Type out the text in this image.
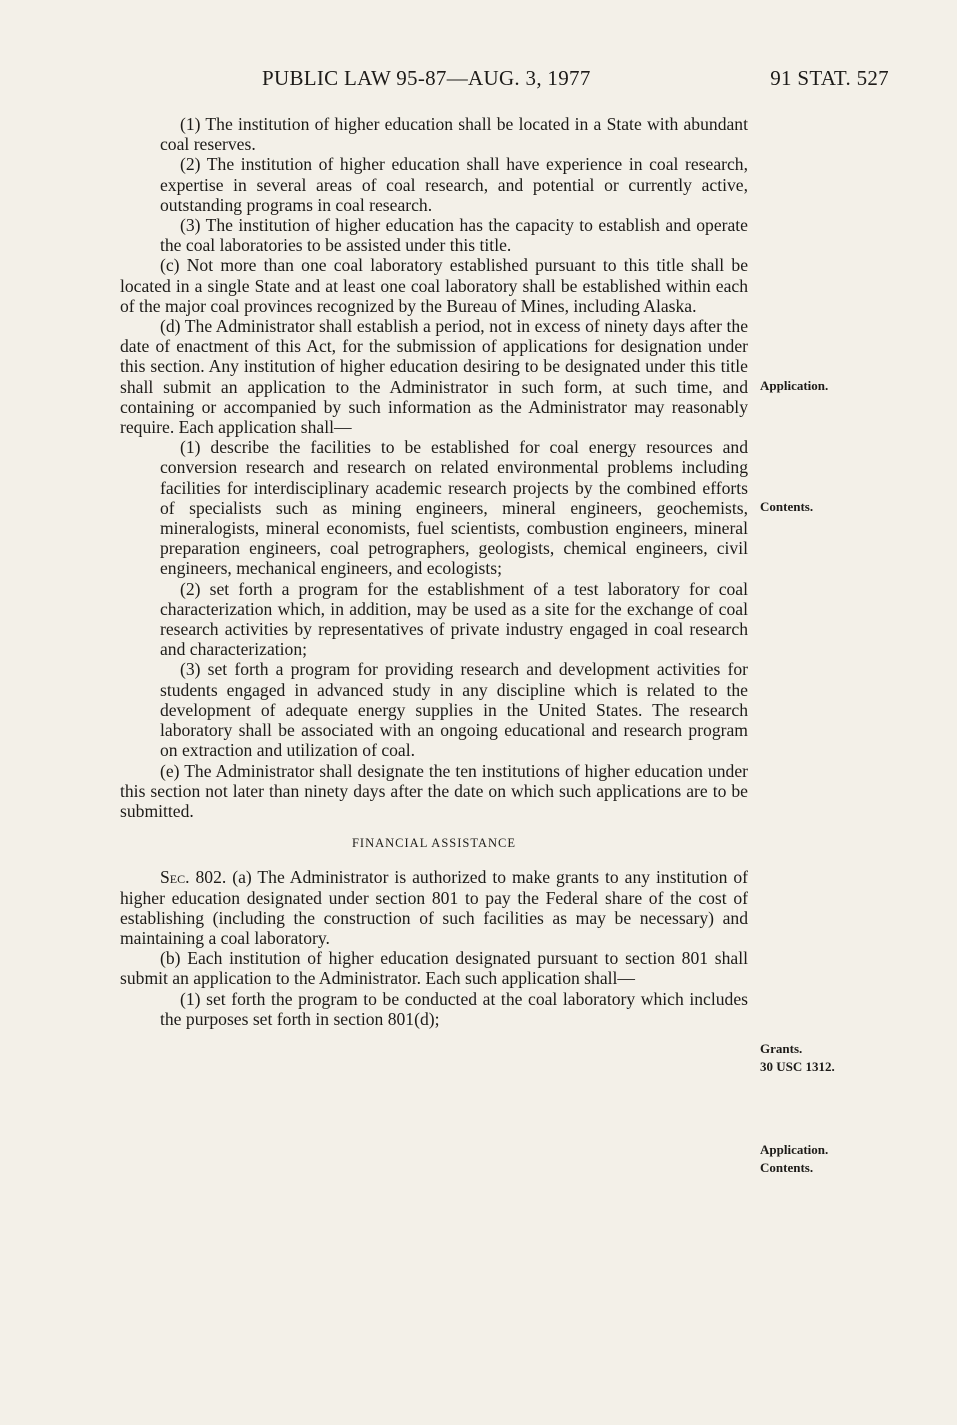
PUBLIC LAW 95-87—AUG. 3, 1977	91 STAT. 527

(1) The institution of higher education shall be located in a State with abundant coal reserves.

(2) The institution of higher education shall have experience in coal research, expertise in several areas of coal research, and potential or currently active, outstanding programs in coal research.

(3) The institution of higher education has the capacity to establish and operate the coal laboratories to be assisted under this title.

(c) Not more than one coal laboratory established pursuant to this title shall be located in a single State and at least one coal laboratory shall be established within each of the major coal provinces recognized by the Bureau of Mines, including Alaska.

(d) The Administrator shall establish a period, not in excess of ninety days after the date of enactment of this Act, for the submission of applications for designation under this section. Any institution of higher education desiring to be designated under this title shall submit an application to the Administrator in such form, at such time, and containing or accompanied by such information as the Administrator may reasonably require. Each application shall—

(1) describe the facilities to be established for coal energy resources and conversion research and research on related environmental problems including facilities for interdisciplinary academic research projects by the combined efforts of specialists such as mining engineers, mineral engineers, geochemists, mineralogists, mineral economists, fuel scientists, combustion engineers, mineral preparation engineers, coal petrographers, geologists, chemical engineers, civil engineers, mechanical engineers, and ecologists;

(2) set forth a program for the establishment of a test laboratory for coal characterization which, in addition, may be used as a site for the exchange of coal research activities by representatives of private industry engaged in coal research and characterization;

(3) set forth a program for providing research and development activities for students engaged in advanced study in any discipline which is related to the development of adequate energy supplies in the United States. The research laboratory shall be associated with an ongoing educational and research program on extraction and utilization of coal.

(e) The Administrator shall designate the ten institutions of higher education under this section not later than ninety days after the date on which such applications are to be submitted.

FINANCIAL ASSISTANCE

Sec. 802. (a) The Administrator is authorized to make grants to any institution of higher education designated under section 801 to pay the Federal share of the cost of establishing (including the construction of such facilities as may be necessary) and maintaining a coal laboratory.

(b) Each institution of higher education designated pursuant to section 801 shall submit an application to the Administrator. Each such application shall—

(1) set forth the program to be conducted at the coal laboratory which includes the purposes set forth in section 801(d);

Application.
Contents.
Grants.
30 USC 1312.
Application.
Contents.
